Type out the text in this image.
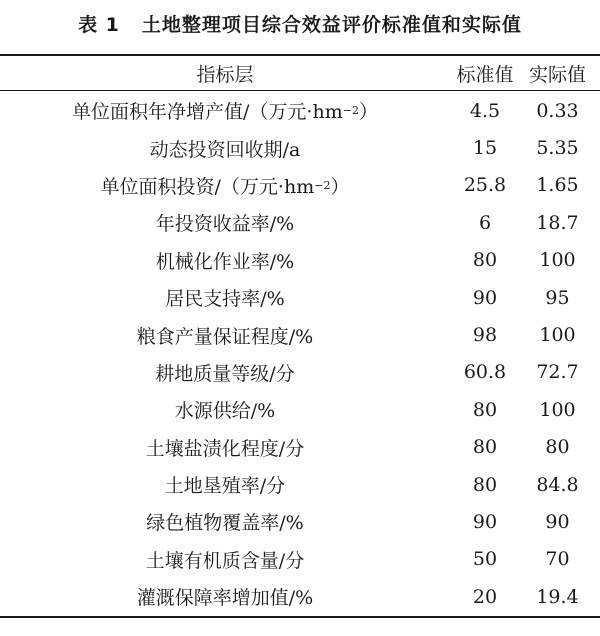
表 1 土地整理项目综合效益评价标准值和实际值
指标层	标准值 实际值
单位面积年净增产值/（万元·hm −2 ）	4.5	0.33
动态投资回收期/a	15	5.35
单位面积投资/（万元·hm −2 ）	25.8	1.65
年投资收益率/%	6	18.7
机械化作业率/%	80	100
居民支持率/%	90	95
粮食产量保证程度/%	98	100
耕地质量等级/分	60.8	72.7
水源供给/%	80	100
土壤盐渍化程度/分	80	80
土地垦殖率/分	80	84.8
绿色植物覆盖率/%	90	90
土壤有机质含量/分	50	70
灌溉保障率增加值/%	20	19.4
